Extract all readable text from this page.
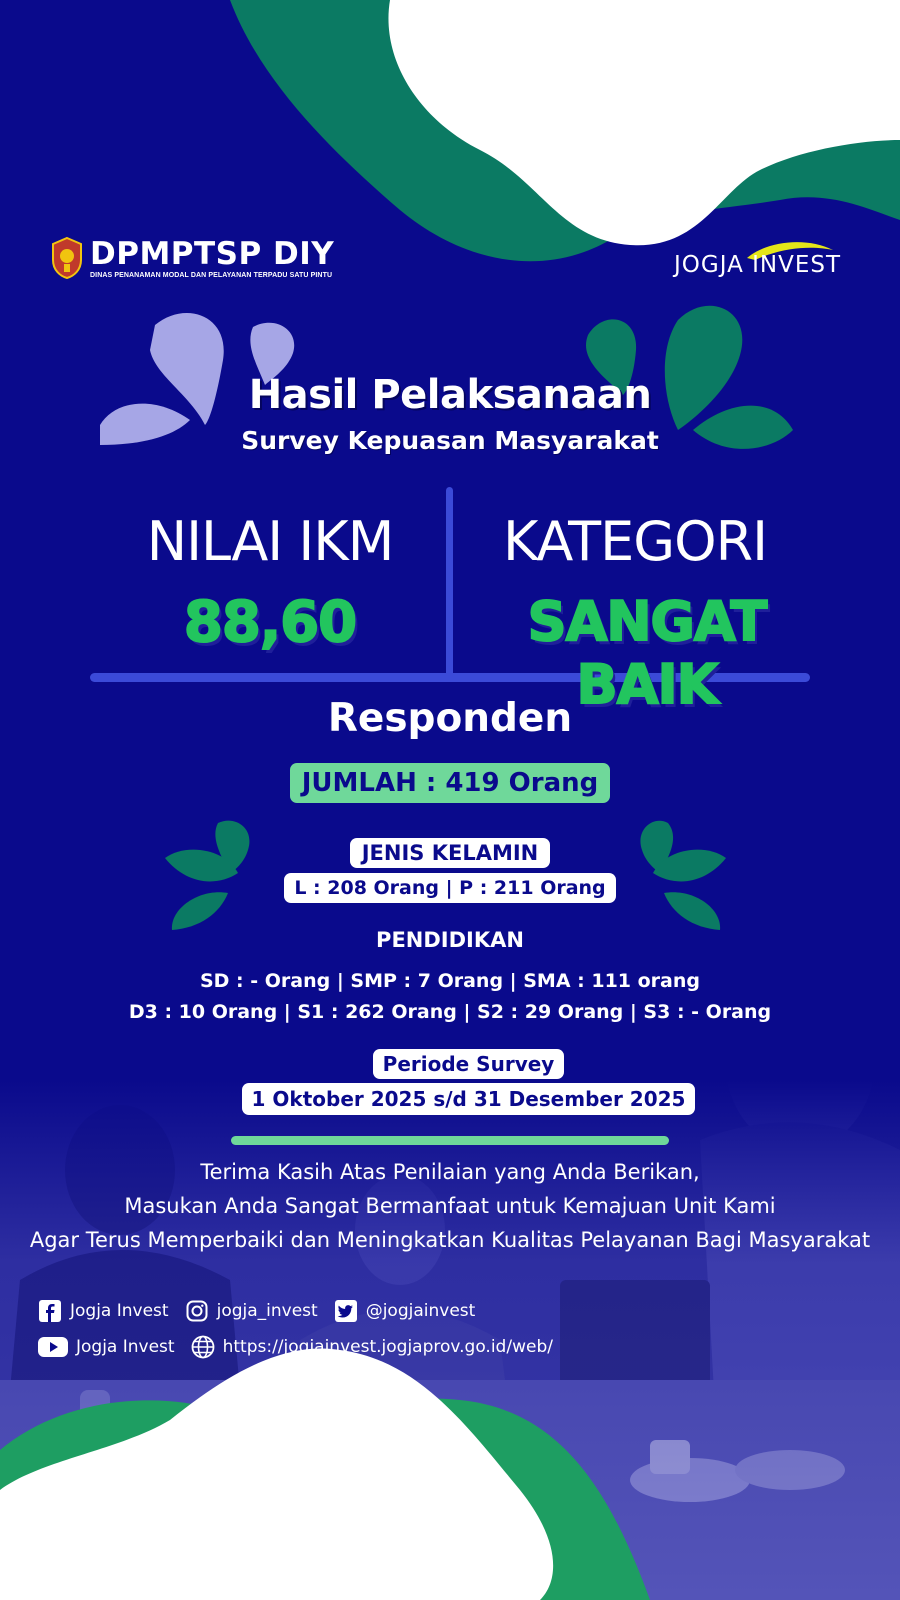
DPMPTSP DIY
DINAS PENANAMAN MODAL DAN PELAYANAN TERPADU SATU PINTU	JOGJA INVEST
Hasil Pelaksanaan
Survey Kepuasan Masyarakat
NILAI IKM
88,60
KATEGORI
SANGAT BAIK
Responden
JUMLAH : 419 Orang
JENIS KELAMIN
L : 208 Orang | P : 211 Orang
PENDIDIKAN
SD : - Orang | SMP : 7 Orang | SMA : 111 orang
D3 : 10 Orang | S1 : 262 Orang | S2 : 29 Orang | S3 : - Orang
Periode Survey
1 Oktober 2025 s/d 31 Desember 2025
Terima Kasih Atas Penilaian yang Anda Berikan,
Masukan Anda Sangat Bermanfaat untuk Kemajuan Unit Kami
Agar Terus Memperbaiki dan Meningkatkan Kualitas Pelayanan Bagi Masyarakat
Jogja Invest	jogja_invest	@jogjainvest
Jogja Invest	https://jogjainvest.jogjaprov.go.id/web/
